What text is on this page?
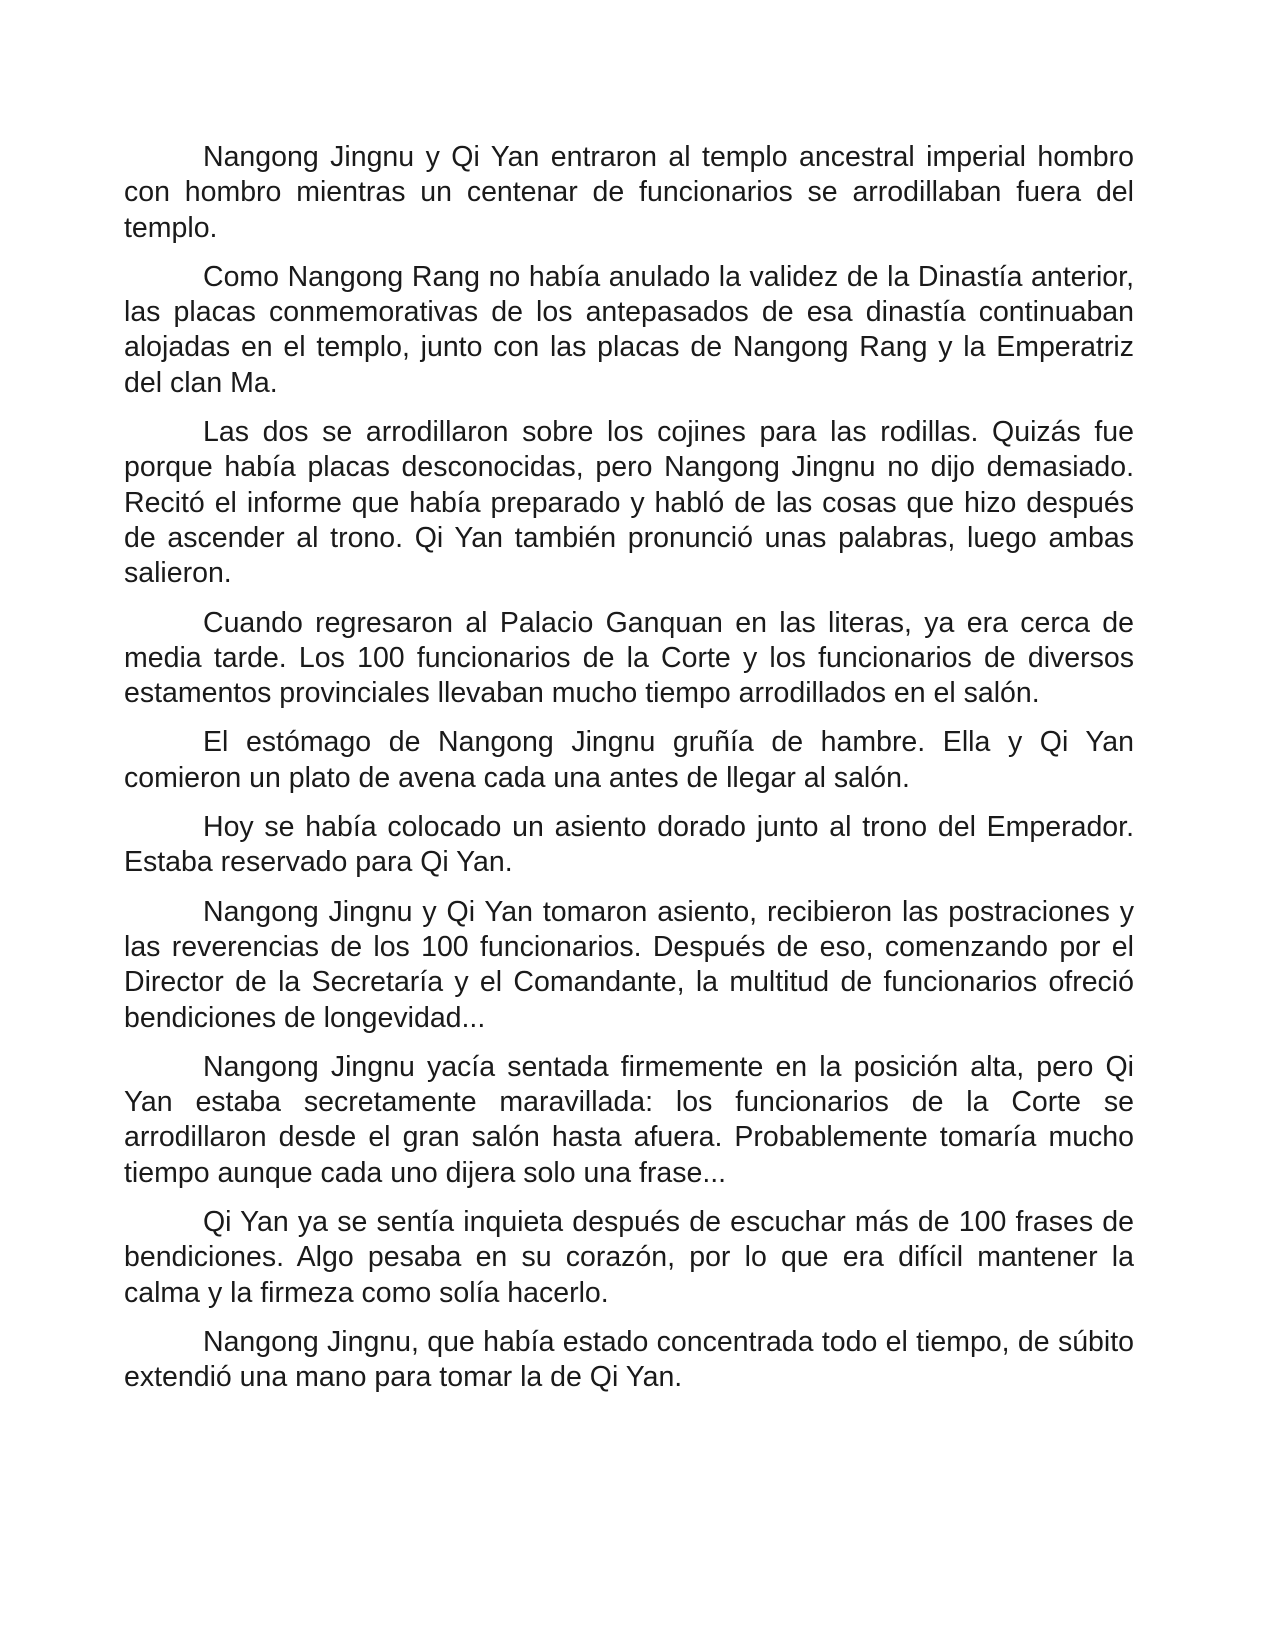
Nangong Jingnu y Qi Yan entraron al templo ancestral imperial hombro con hombro mientras un centenar de funcionarios se arrodillaban fuera del templo.

Como Nangong Rang no había anulado la validez de la Dinastía anterior, las placas conmemorativas de los antepasados de esa dinastía continuaban alojadas en el templo, junto con las placas de Nangong Rang y la Emperatriz del clan Ma.

Las dos se arrodillaron sobre los cojines para las rodillas. Quizás fue porque había placas desconocidas, pero Nangong Jingnu no dijo demasiado. Recitó el informe que había preparado y habló de las cosas que hizo después de ascender al trono. Qi Yan también pronunció unas palabras, luego ambas salieron.

Cuando regresaron al Palacio Ganquan en las literas, ya era cerca de media tarde. Los 100 funcionarios de la Corte y los funcionarios de diversos estamentos provinciales llevaban mucho tiempo arrodillados en el salón.

El estómago de Nangong Jingnu gruñía de hambre. Ella y Qi Yan comieron un plato de avena cada una antes de llegar al salón.

Hoy se había colocado un asiento dorado junto al trono del Emperador. Estaba reservado para Qi Yan.

Nangong Jingnu y Qi Yan tomaron asiento, recibieron las postraciones y las reverencias de los 100 funcionarios. Después de eso, comenzando por el Director de la Secretaría y el Comandante, la multitud de funcionarios ofreció bendiciones de longevidad...

Nangong Jingnu yacía sentada firmemente en la posición alta, pero Qi Yan estaba secretamente maravillada: los funcionarios de la Corte se arrodillaron desde el gran salón hasta afuera. Probablemente tomaría mucho tiempo aunque cada uno dijera solo una frase...

Qi Yan ya se sentía inquieta después de escuchar más de 100 frases de bendiciones. Algo pesaba en su corazón, por lo que era difícil mantener la calma y la firmeza como solía hacerlo.

Nangong Jingnu, que había estado concentrada todo el tiempo, de súbito extendió una mano para tomar la de Qi Yan.
